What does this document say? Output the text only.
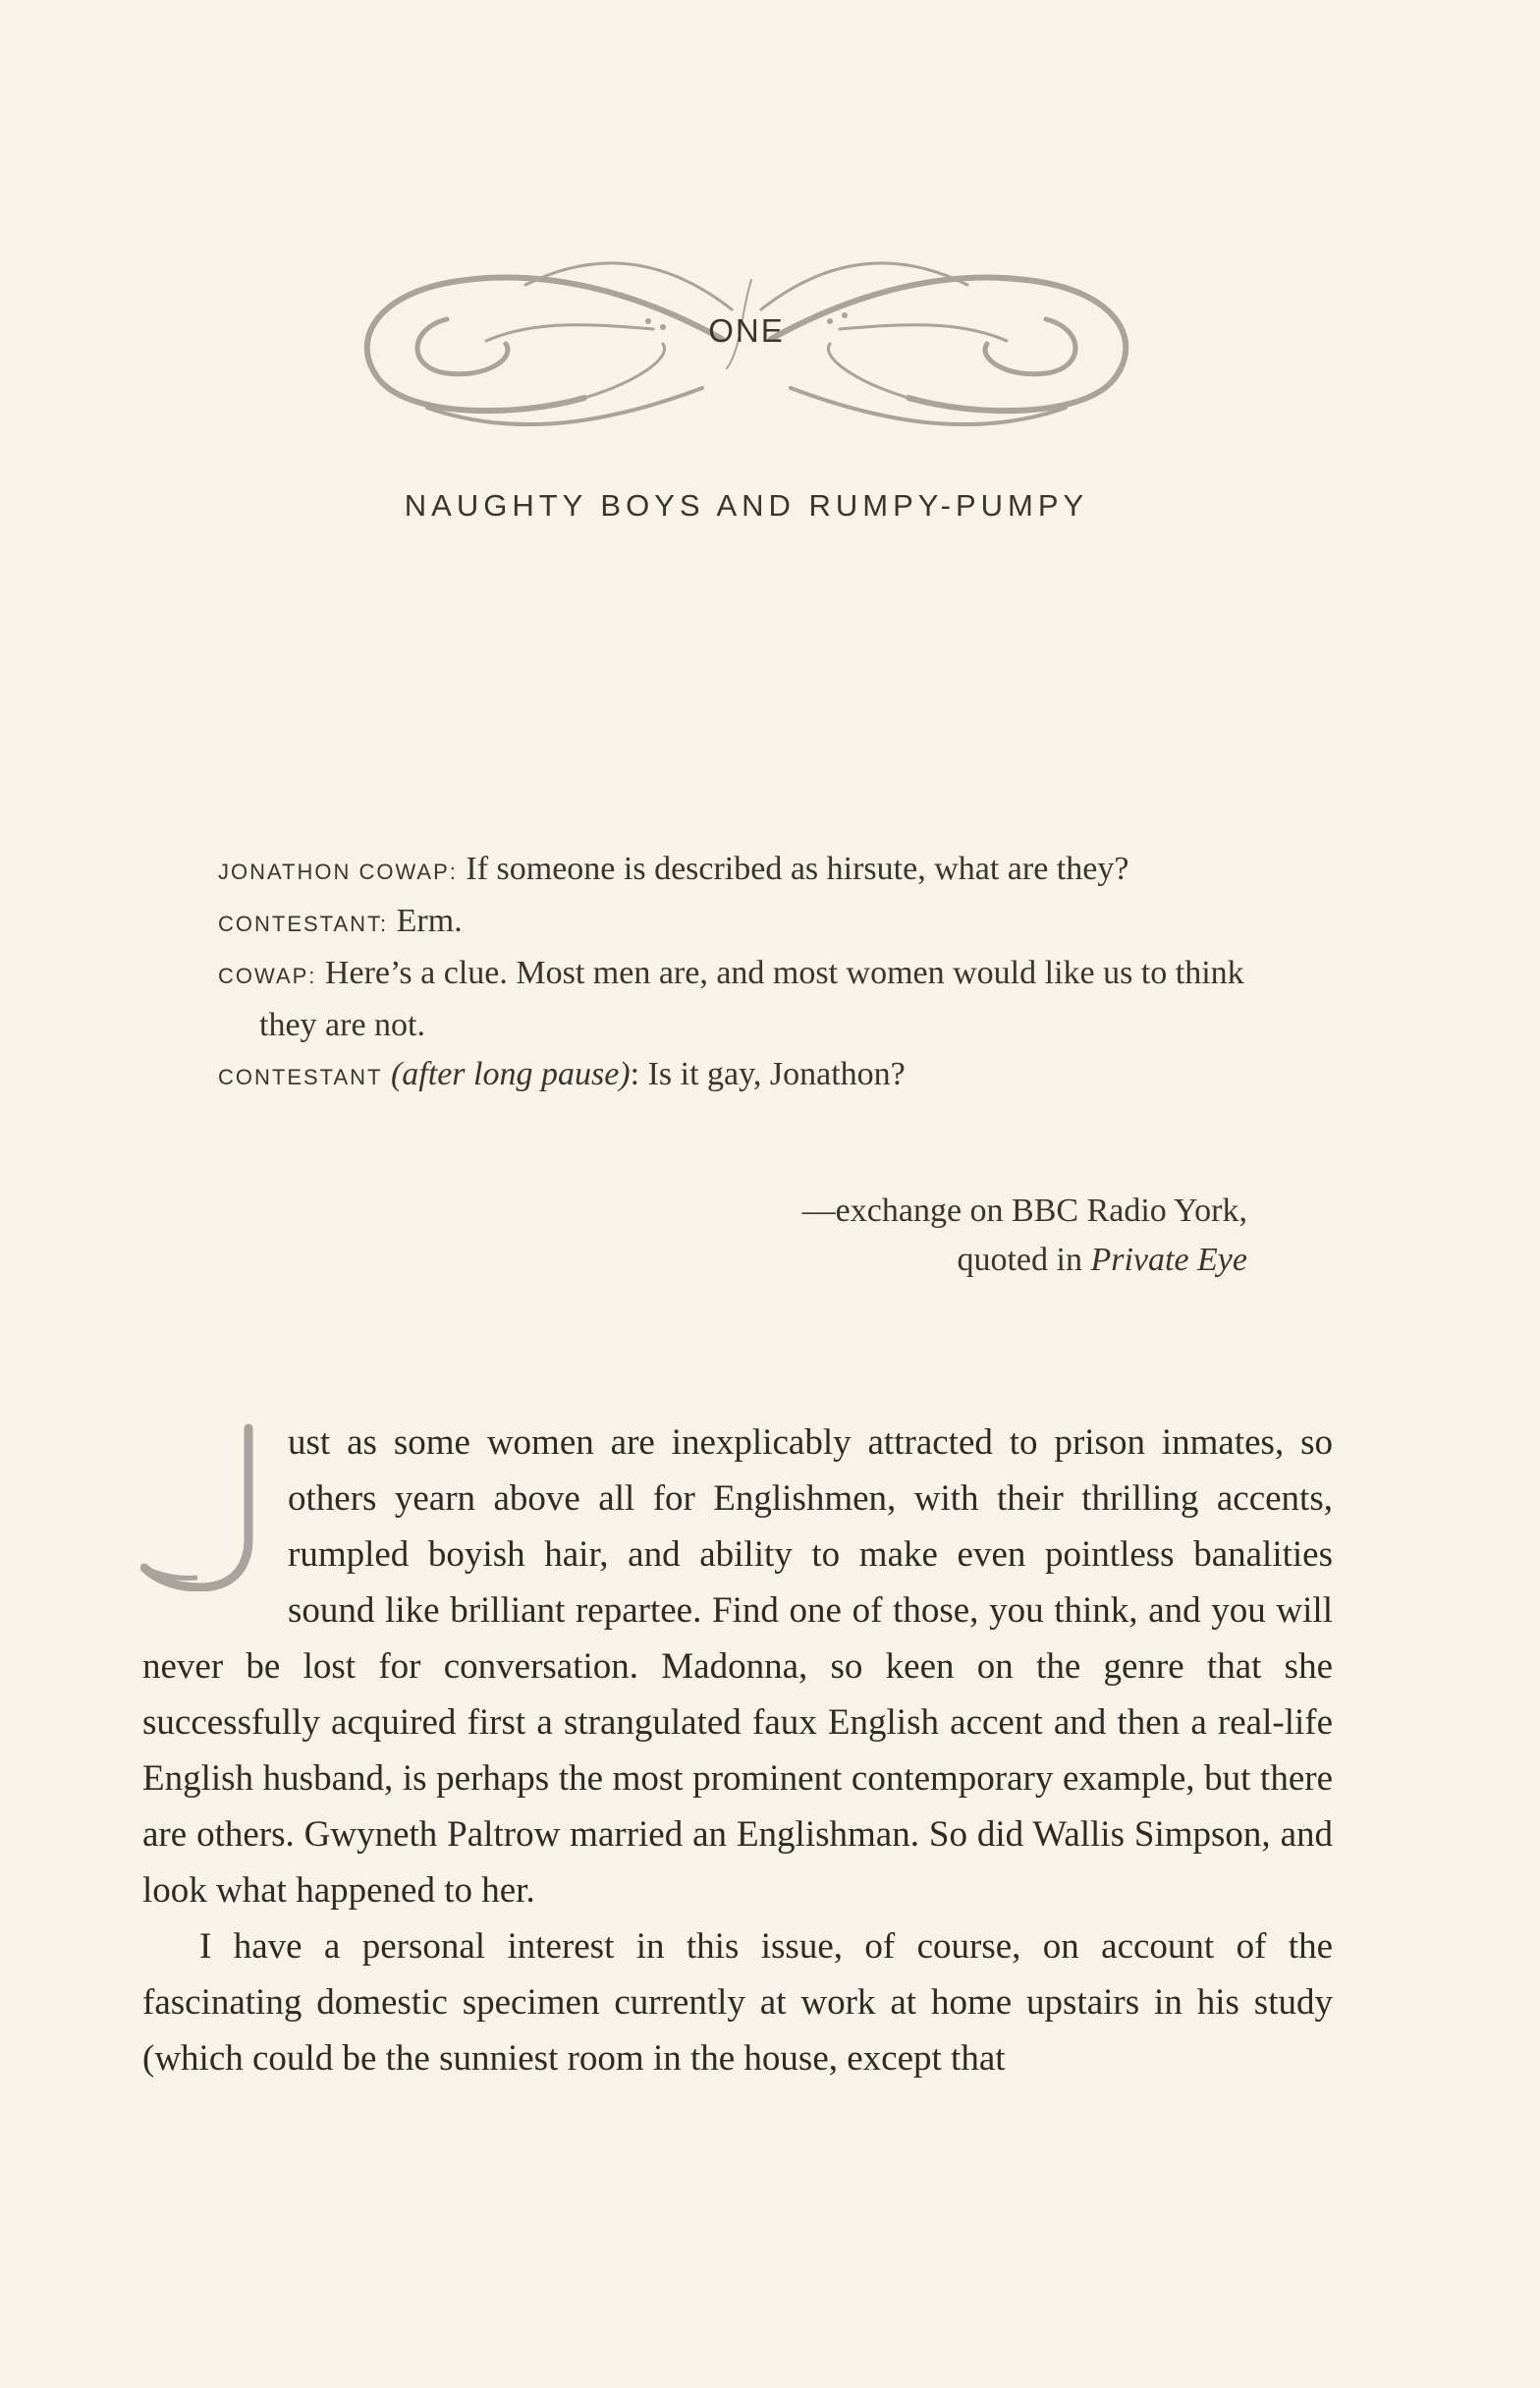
ONE
NAUGHTY BOYS AND RUMPY-PUMPY

JONATHON COWAP: If someone is described as hirsute, what are they?

CONTESTANT: Erm.

COWAP: Here’s a clue. Most men are, and most women would like us to think they are not.

CONTESTANT (after long pause): Is it gay, Jonathon?

—exchange on BBC Radio York,

quoted in Private Eye

ust as some women are inexplicably attracted to prison inmates, so others yearn above all for Englishmen, with their thrilling accents, rumpled boyish hair, and ability to make even pointless banalities sound like brilliant repartee. Find one of those, you think, and you will never be lost for conversation. Madonna, so keen on the genre that she successfully acquired first a strangulated faux English accent and then a real-life English husband, is perhaps the most prominent contemporary example, but there are others. Gwyneth Paltrow married an Englishman. So did Wallis Simpson, and look what happened to her.

I have a personal interest in this issue, of course, on account of the fascinating domestic specimen currently at work at home upstairs in his study (which could be the sunniest room in the house, except that
